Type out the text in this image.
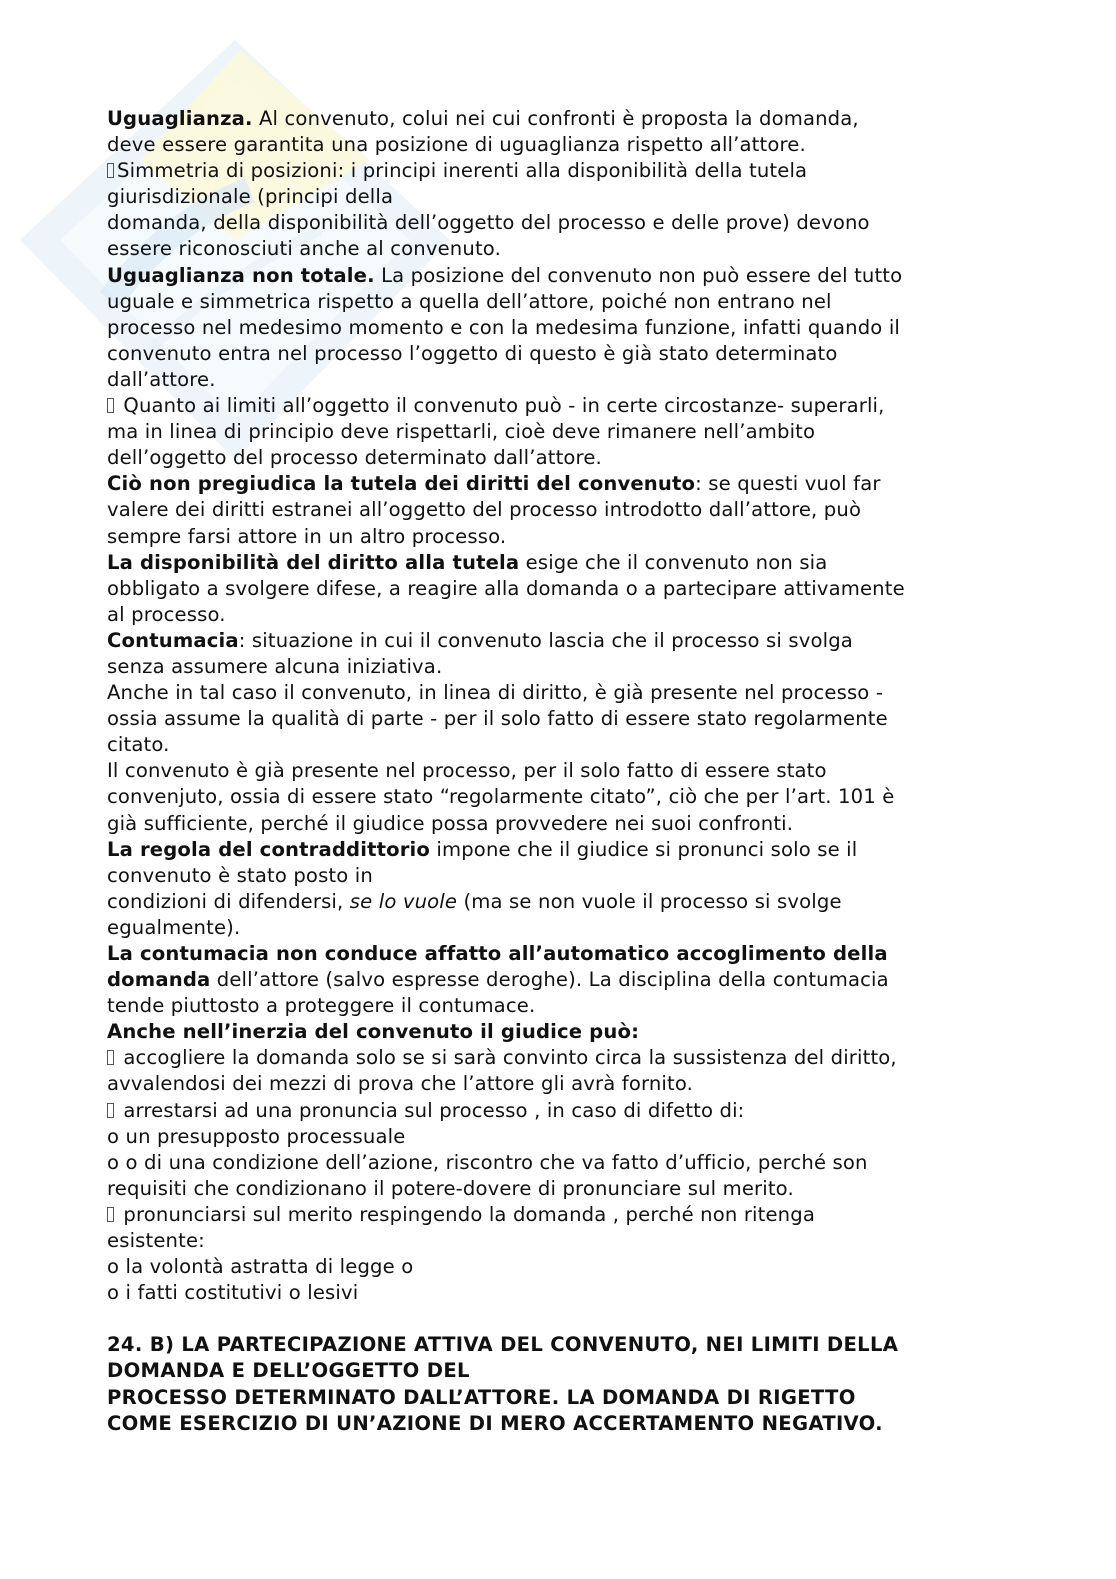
Uguaglianza. Al convenuto, colui nei cui confronti è proposta la domanda,
deve essere garantita una posizione di uguaglianza rispetto all’attore.
Simmetria di posizioni: i principi inerenti alla disponibilità della tutela
giurisdizionale (principi della
domanda, della disponibilità dell’oggetto del processo e delle prove) devono
essere riconosciuti anche al convenuto.
Uguaglianza non totale. La posizione del convenuto non può essere del tutto
uguale e simmetrica rispetto a quella dell’attore, poiché non entrano nel
processo nel medesimo momento e con la medesima funzione, infatti quando il
convenuto entra nel processo l’oggetto di questo è già stato determinato
dall’attore.
Quanto ai limiti all’oggetto il convenuto può - in certe circostanze- superarli,
ma in linea di principio deve rispettarli, cioè deve rimanere nell’ambito
dell’oggetto del processo determinato dall’attore.
Ciò non pregiudica la tutela dei diritti del convenuto: se questi vuol far
valere dei diritti estranei all’oggetto del processo introdotto dall’attore, può
sempre farsi attore in un altro processo.
La disponibilità del diritto alla tutela esige che il convenuto non sia
obbligato a svolgere difese, a reagire alla domanda o a partecipare attivamente
al processo.
Contumacia: situazione in cui il convenuto lascia che il processo si svolga
senza assumere alcuna iniziativa.
Anche in tal caso il convenuto, in linea di diritto, è già presente nel processo -
ossia assume la qualità di parte - per il solo fatto di essere stato regolarmente
citato.
Il convenuto è già presente nel processo, per il solo fatto di essere stato
convenjuto, ossia di essere stato “regolarmente citato”, ciò che per l’art. 101 è
già sufficiente, perché il giudice possa provvedere nei suoi confronti.
La regola del contraddittorio impone che il giudice si pronunci solo se il
convenuto è stato posto in
condizioni di difendersi, se lo vuole (ma se non vuole il processo si svolge
egualmente).
La contumacia non conduce affatto all’automatico accoglimento della
domanda dell’attore (salvo espresse deroghe). La disciplina della contumacia
tende piuttosto a proteggere il contumace.
Anche nell’inerzia del convenuto il giudice può:
accogliere la domanda solo se si sarà convinto circa la sussistenza del diritto,
avvalendosi dei mezzi di prova che l’attore gli avrà fornito.
arrestarsi ad una pronuncia sul processo , in caso di difetto di:
o un presupposto processuale
o o di una condizione dell’azione, riscontro che va fatto d’ufficio, perché son
requisiti che condizionano il potere-dovere di pronunciare sul merito.
pronunciarsi sul merito respingendo la domanda , perché non ritenga
esistente:
o la volontà astratta di legge o
o i fatti costitutivi o lesivi
24. B) LA PARTECIPAZIONE ATTIVA DEL CONVENUTO, NEI LIMITI DELLA
DOMANDA E DELL’OGGETTO DEL
PROCESSO DETERMINATO DALL’ATTORE. LA DOMANDA DI RIGETTO
COME ESERCIZIO DI UN’AZIONE DI MERO ACCERTAMENTO NEGATIVO.
